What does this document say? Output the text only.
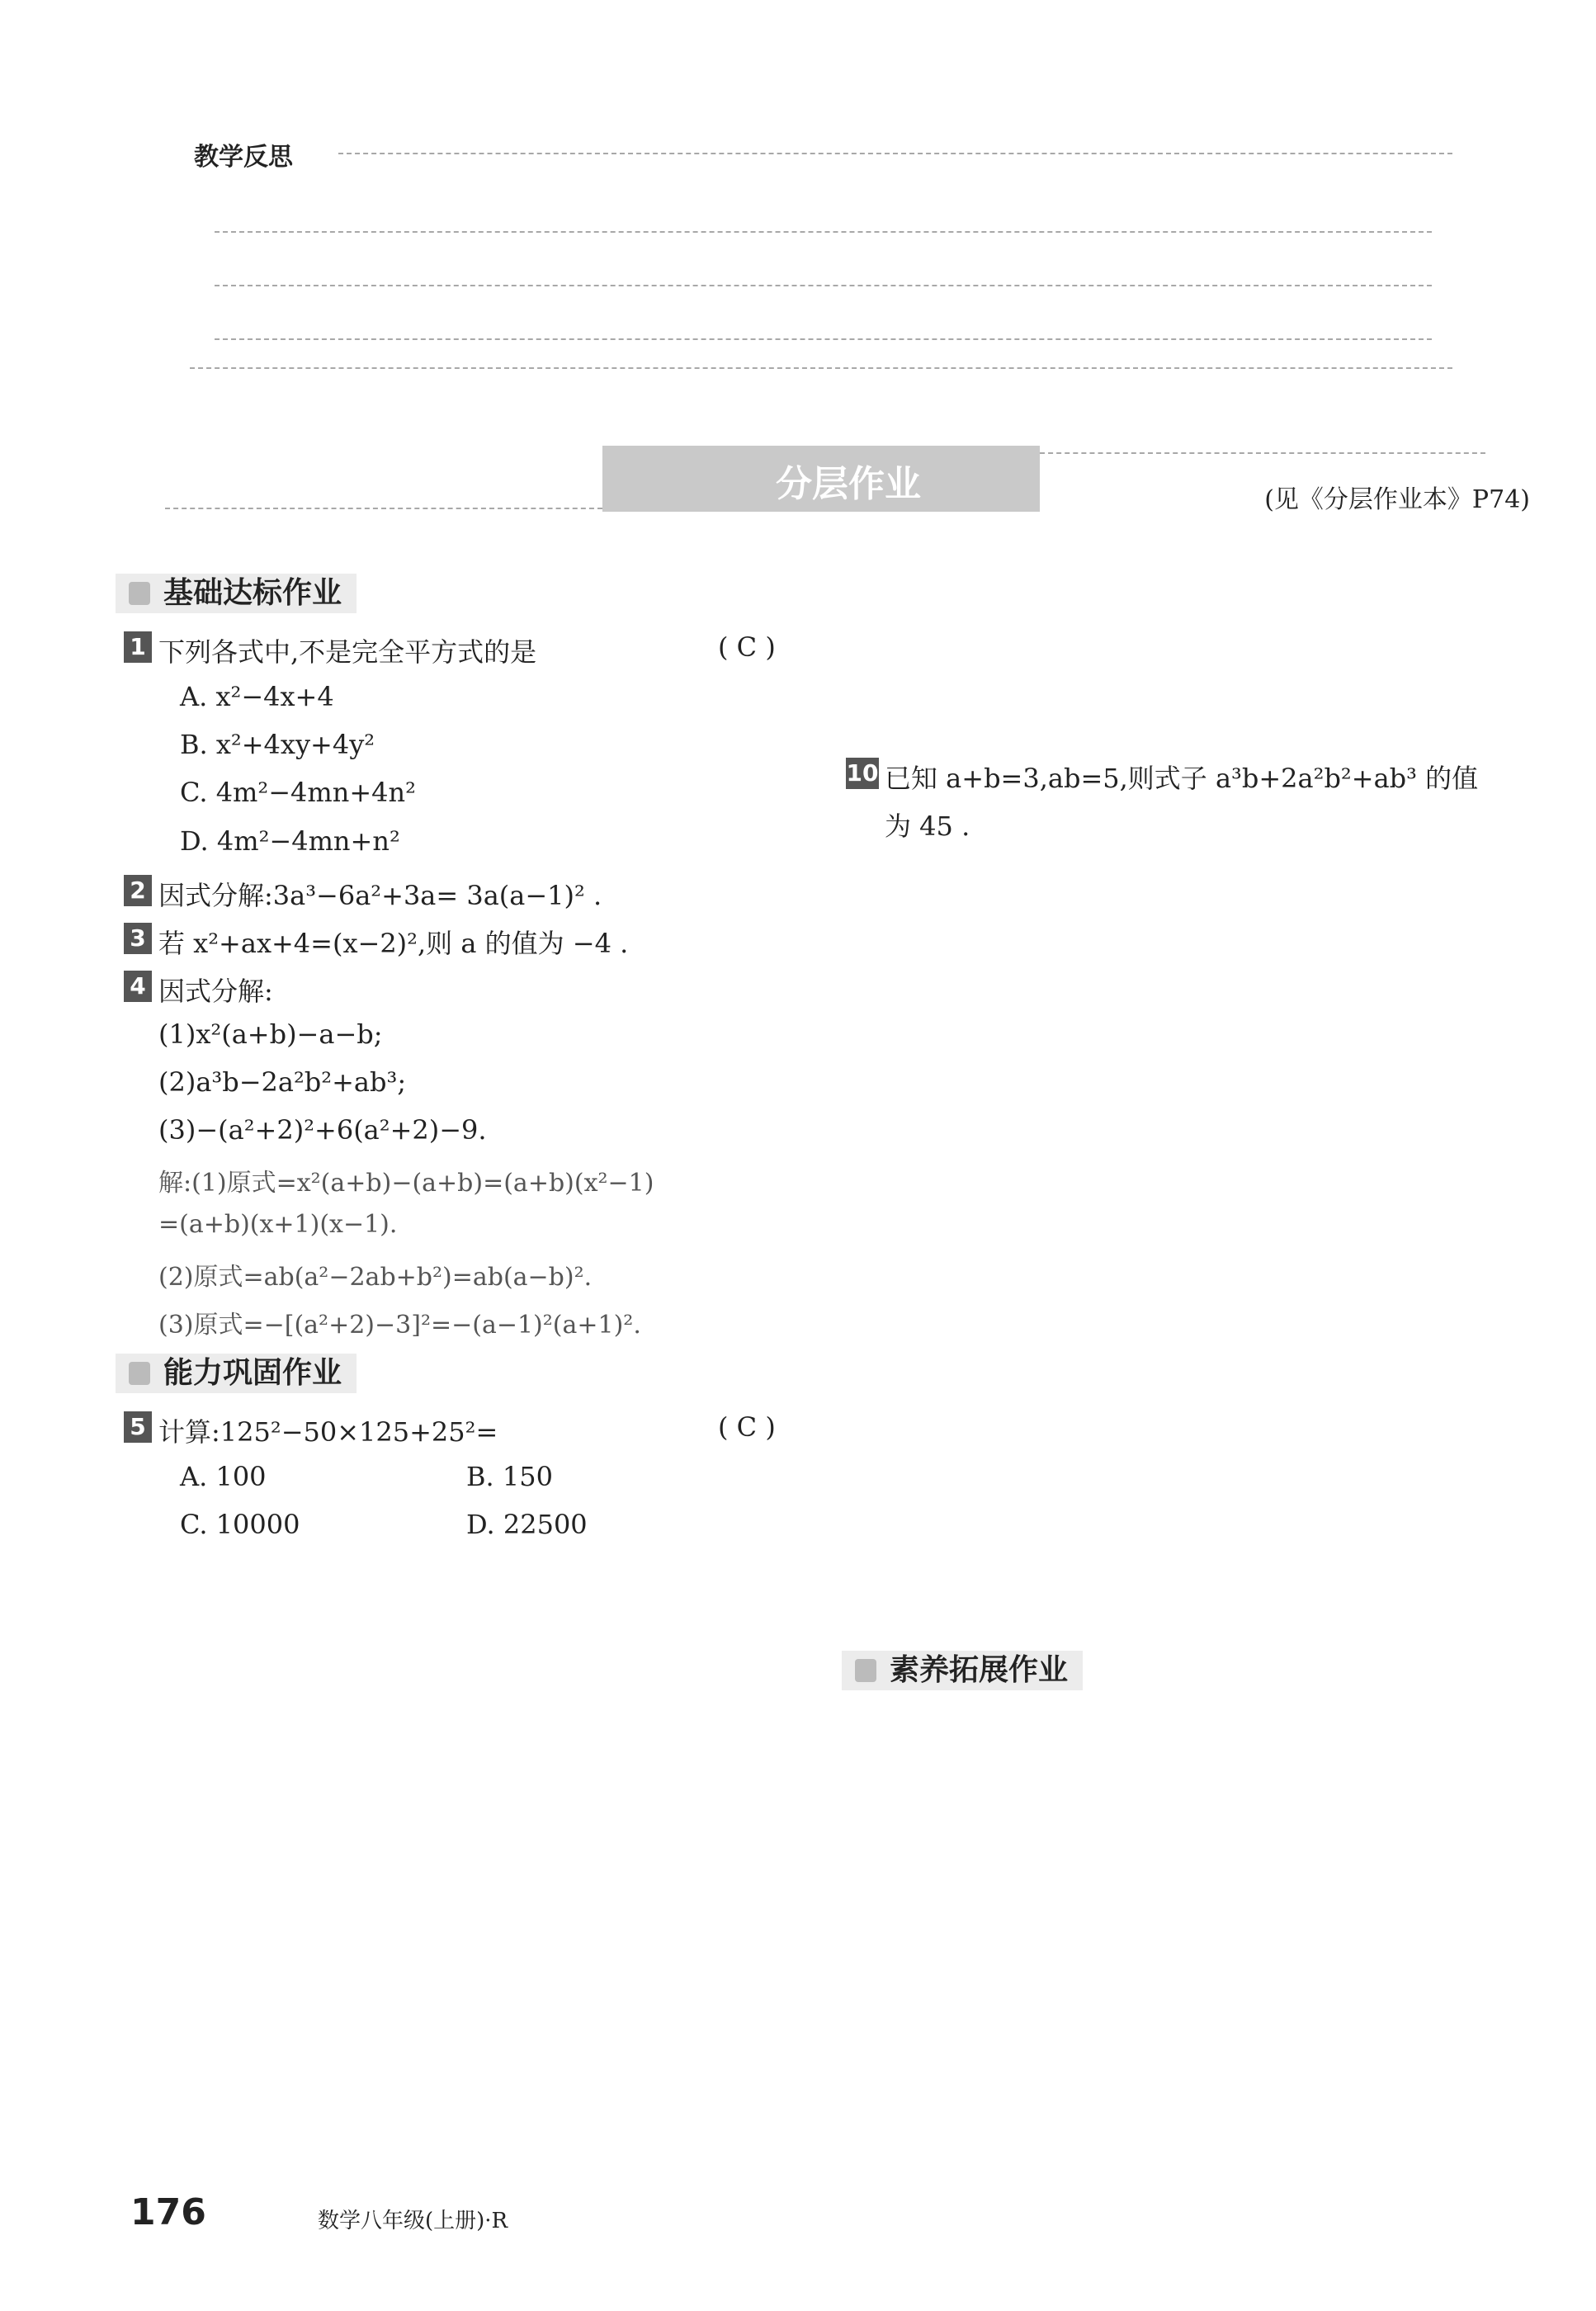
教学反思
分层作业	(见《分层作业本》P74)
基础达标作业
1 下列各式中,不是完全平方式的是	( C )
A. x²−4x+4
B. x²+4xy+4y²
C. 4m²−4mn+4n²
D. 4m²−4mn+n²
2 因式分解:3a³−6a²+3a= 3a(a−1)² .
3 若 x²+ax+4=(x−2)²,则 a 的值为 −4 .
4 因式分解:
(1)x²(a+b)−a−b;
(2)a³b−2a²b²+ab³;
(3)−(a²+2)²+6(a²+2)−9.
解:(1)原式=x²(a+b)−(a+b)=(a+b)(x²−1)
=(a+b)(x+1)(x−1).
(2)原式=ab(a²−2ab+b²)=ab(a−b)².
(3)原式=−[(a²+2)−3]²=−(a−1)²(a+1)².
能力巩固作业
5 计算:125²−50×125+25²=	( C )
A. 100	B. 150
C. 10000	D. 22500
10 已知 a+b=3,ab=5,则式子 a³b+2a²b²+ab³ 的值
为 45 .
素养拓展作业
176	数学八年级(上册)·R
